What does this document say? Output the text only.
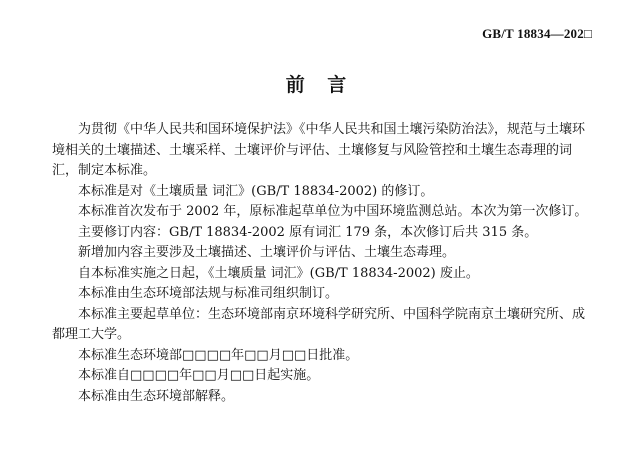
GB/T 18834—202□
前 言

为贯彻《中华人民共和国环境保护法》《中华人民共和国土壤污染防治法》，规范与土壤环境相关的土壤描述、土壤采样、土壤评价与评估、土壤修复与风险管控和土壤生态毒理的词汇，制定本标准。

本标准是对《土壤质量 词汇》(GB/T 18834-2002) 的修订。

本标准首次发布于 2002 年，原标准起草单位为中国环境监测总站。本次为第一次修订。

主要修订内容：GB/T 18834-2002 原有词汇 179 条，本次修订后共 315 条。

新增加内容主要涉及土壤描述、土壤评价与评估、土壤生态毒理。

自本标准实施之日起，《土壤质量 词汇》(GB/T 18834-2002) 废止。

本标准由生态环境部法规与标准司组织制订。

本标准主要起草单位：生态环境部南京环境科学研究所、中国科学院南京土壤研究所、成都理工大学。

本标准生态环境部□□□□年□□月□□日批准。

本标准自□□□□年□□月□□日起实施。

本标准由生态环境部解释。
